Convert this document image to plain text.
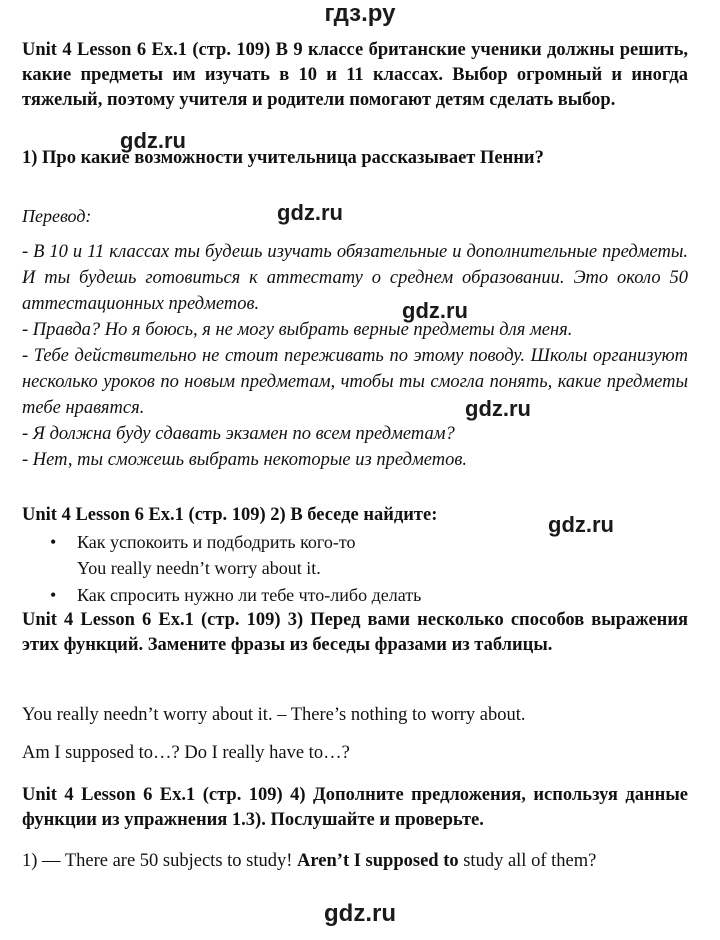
гдз.ру
Unit 4 Lesson 6 Ex.1 (стр. 109) В 9 классе британские ученики должны решить, какие предметы им изучать в 10 и 11 классах. Выбор огромный и иногда тяжелый, поэтому учителя и родители помогают детям сделать выбор.
gdz.ru
1) Про какие возможности учительница рассказывает Пенни?
Перевод:	gdz.ru
- В 10 и 11 классах ты будешь изучать обязательные и дополнительные предметы. И ты будешь готовиться к аттестату о среднем образовании. Это около 50 аттестационных предметов.
- Правда? Но я боюсь, я не могу выбрать верные предметы для меня.
- Тебе действительно не стоит переживать по этому поводу. Школы организуют несколько уроков по новым предметам, чтобы ты смогла понять, какие предметы тебе нравятся.
- Я должна буду сдавать экзамен по всем предметам?
- Нет, ты сможешь выбрать некоторые из предметов.
gdz.ru
gdz.ru
Unit 4 Lesson 6 Ex.1 (стр. 109) 2) В беседе найдите:	gdz.ru
•
Как успокоить и подбодрить кого-то
You really needn’t worry about it.
•
Как спросить нужно ли тебе что-либо делать
Unit 4 Lesson 6 Ex.1 (стр. 109) 3) Перед вами несколько способов выражения этих функций. Замените фразы из беседы фразами из таблицы.
You really needn’t worry about it. – There’s nothing to worry about.
Am I supposed to…? Do I really have to…?
Unit 4 Lesson 6 Ex.1 (стр. 109) 4) Дополните предложения, используя данные функции из упражнения 1.3). Послушайте и проверьте.
1) — There are 50 subjects to study! Aren’t I supposed to study all of them?
gdz.ru
